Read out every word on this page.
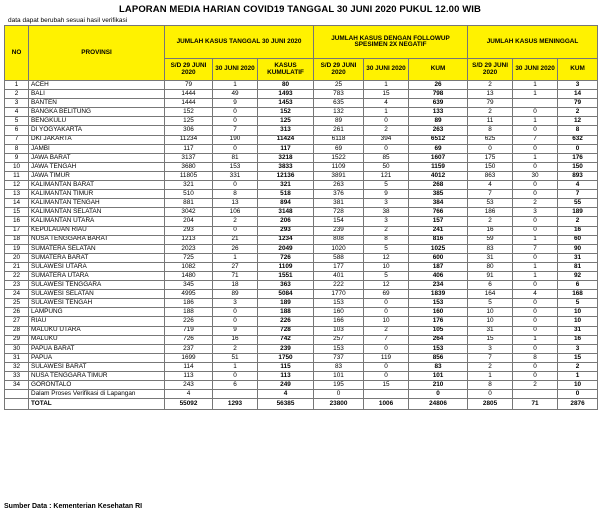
LAPORAN MEDIA HARIAN COVID19 TANGGAL 30 JUNI 2020 PUKUL 12.00 WIB
data dapat berubah sesuai hasil verifikasi
NO	PROVINSI	JUMLAH KASUS TANGGAL 30 JUNI 2020			JUMLAH KASUS DENGAN FOLLOWUP SPESIMEN 2X NEGATIF			JUMLAH KASUS MENINGGAL		
		S/D 29 JUNI 2020	30 JUNI 2020	KASUS KUMULATIF	S/D 29 JUNI 2020	30 JUNI 2020	KUM	S/D 29 JUNI 2020	30 JUNI 2020	KUM
1	ACEH	79	1	80	25	1	26	2	1	3
2	BALI	1444	49	1493	783	15	798	13	1	14
3	BANTEN	1444	9	1453	635	4	639	79		79
4	BANGKA BELITUNG	152	0	152	132	1	133	2	0	2
5	BENGKULU	125	0	125	89	0	89	11	1	12
6	DI YOGYAKARTA	306	7	313	261	2	263	8	0	8
7	DKI JAKARTA	11234	190	11424	6118	394	6512	625	7	632
8	JAMBI	117	0	117	69	0	69	0	0	0
9	JAWA BARAT	3137	81	3218	1522	85	1607	175	1	176
10	JAWA TENGAH	3680	153	3833	1109	50	1159	150	0	150
11	JAWA TIMUR	11805	331	12136	3891	121	4012	863	30	893
12	KALIMANTAN BARAT	321	0	321	263	5	268	4	0	4
13	KALIMANTAN TIMUR	510	8	518	376	9	385	7	0	7
14	KALIMANTAN TENGAH	881	13	894	381	3	384	53	2	55
15	KALIMANTAN SELATAN	3042	106	3148	728	38	766	186	3	189
16	KALIMANTAN UTARA	204	2	206	154	3	157	2	0	2
17	KEPULAUAN RIAU	293	0	293	239	2	241	16	0	16
18	NUSA TENGGARA BARAT	1213	21	1234	808	8	816	59	1	60
19	SUMATERA SELATAN	2023	26	2049	1020	5	1025	83	7	90
20	SUMATERA BARAT	725	1	726	588	12	600	31	0	31
21	SULAWESI UTARA	1082	27	1109	177	10	187	80	1	81
22	SUMATERA UTARA	1480	71	1551	401	5	406	91	1	92
23	SULAWESI TENGGARA	345	18	363	222	12	234	6	0	6
24	SULAWESI SELATAN	4995	89	5084	1770	69	1839	164	4	168
25	SULAWESI TENGAH	186	3	189	153	0	153	5	0	5
26	LAMPUNG	188	0	188	160	0	160	10	0	10
27	RIAU	226	0	226	166	10	176	10	0	10
28	MALUKU UTARA	719	9	728	103	2	105	31	0	31
29	MALUKU	726	16	742	257	7	264	15	1	16
30	PAPUA BARAT	237	2	239	153	0	153	3	0	3
31	PAPUA	1699	51	1750	737	119	856	7	8	15
32	SULAWESI BARAT	114	1	115	83	0	83	2	0	2
33	NUSA TENGGARA TIMUR	113	0	113	101	0	101	1	0	1
34	GORONTALO	243	6	249	195	15	210	8	2	10
	Dalam Proses Verifikasi di Lapangan	4		4	0		0	0		0
	TOTAL	55092	1293	56385	23800	1006	24806	2805	71	2876
Sumber Data : Kementerian Kesehatan RI
